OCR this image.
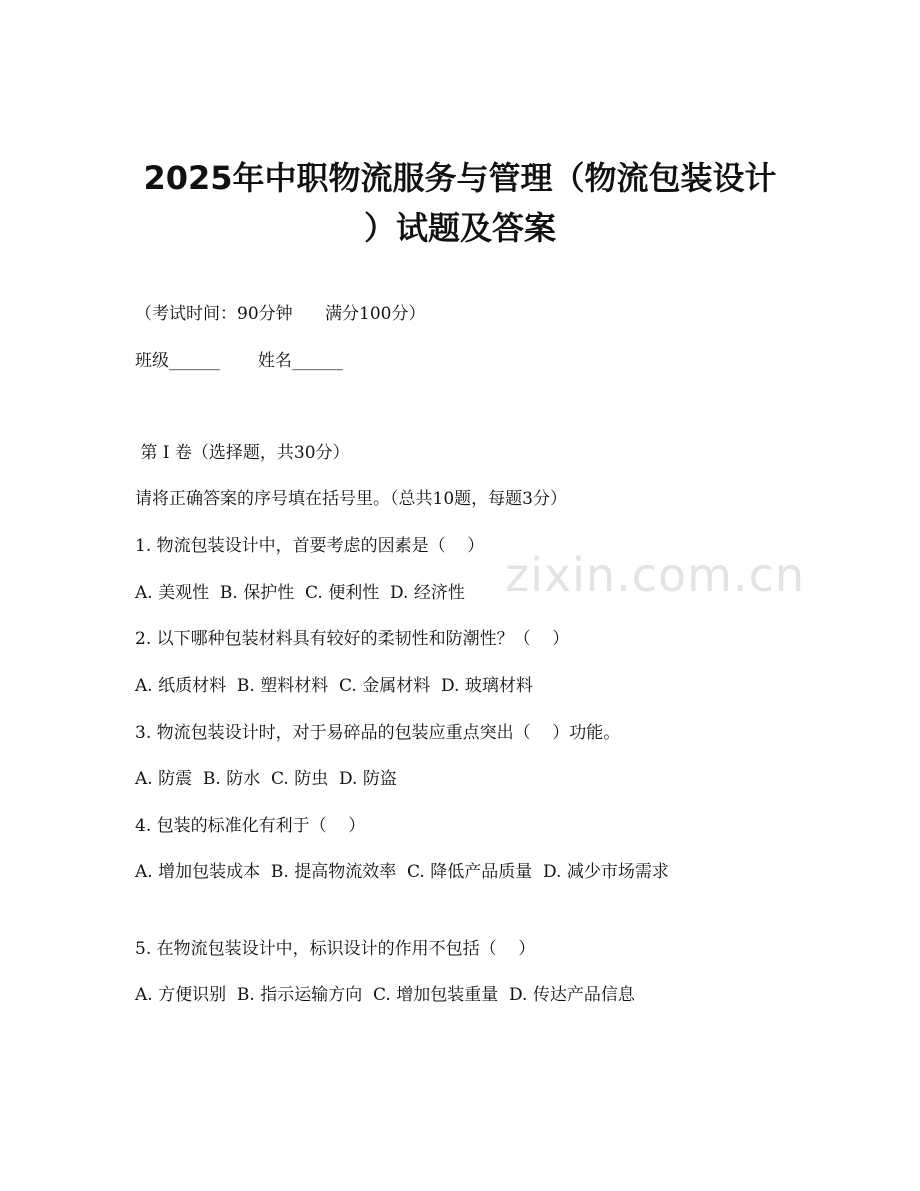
zixin.com.cn
2025年中职物流服务与管理（物流包装设计
）试题及答案

（考试时间：90分钟      满分100分）

班级______       姓名______

第 I 卷（选择题，共30分）

请将正确答案的序号填在括号里。（总共10题，每题3分）

1. 物流包装设计中，首要考虑的因素是（    ）

A. 美观性  B. 保护性  C. 便利性  D. 经济性

2. 以下哪种包装材料具有较好的柔韧性和防潮性？（    ）

A. 纸质材料  B. 塑料材料  C. 金属材料  D. 玻璃材料

3. 物流包装设计时，对于易碎品的包装应重点突出（    ）功能。

A. 防震  B. 防水  C. 防虫  D. 防盗

4. 包装的标准化有利于（    ）

A. 增加包装成本  B. 提高物流效率  C. 降低产品质量  D. 减少市场需求

5. 在物流包装设计中，标识设计的作用不包括（    ）

A. 方便识别  B. 指示运输方向  C. 增加包装重量  D. 传达产品信息
